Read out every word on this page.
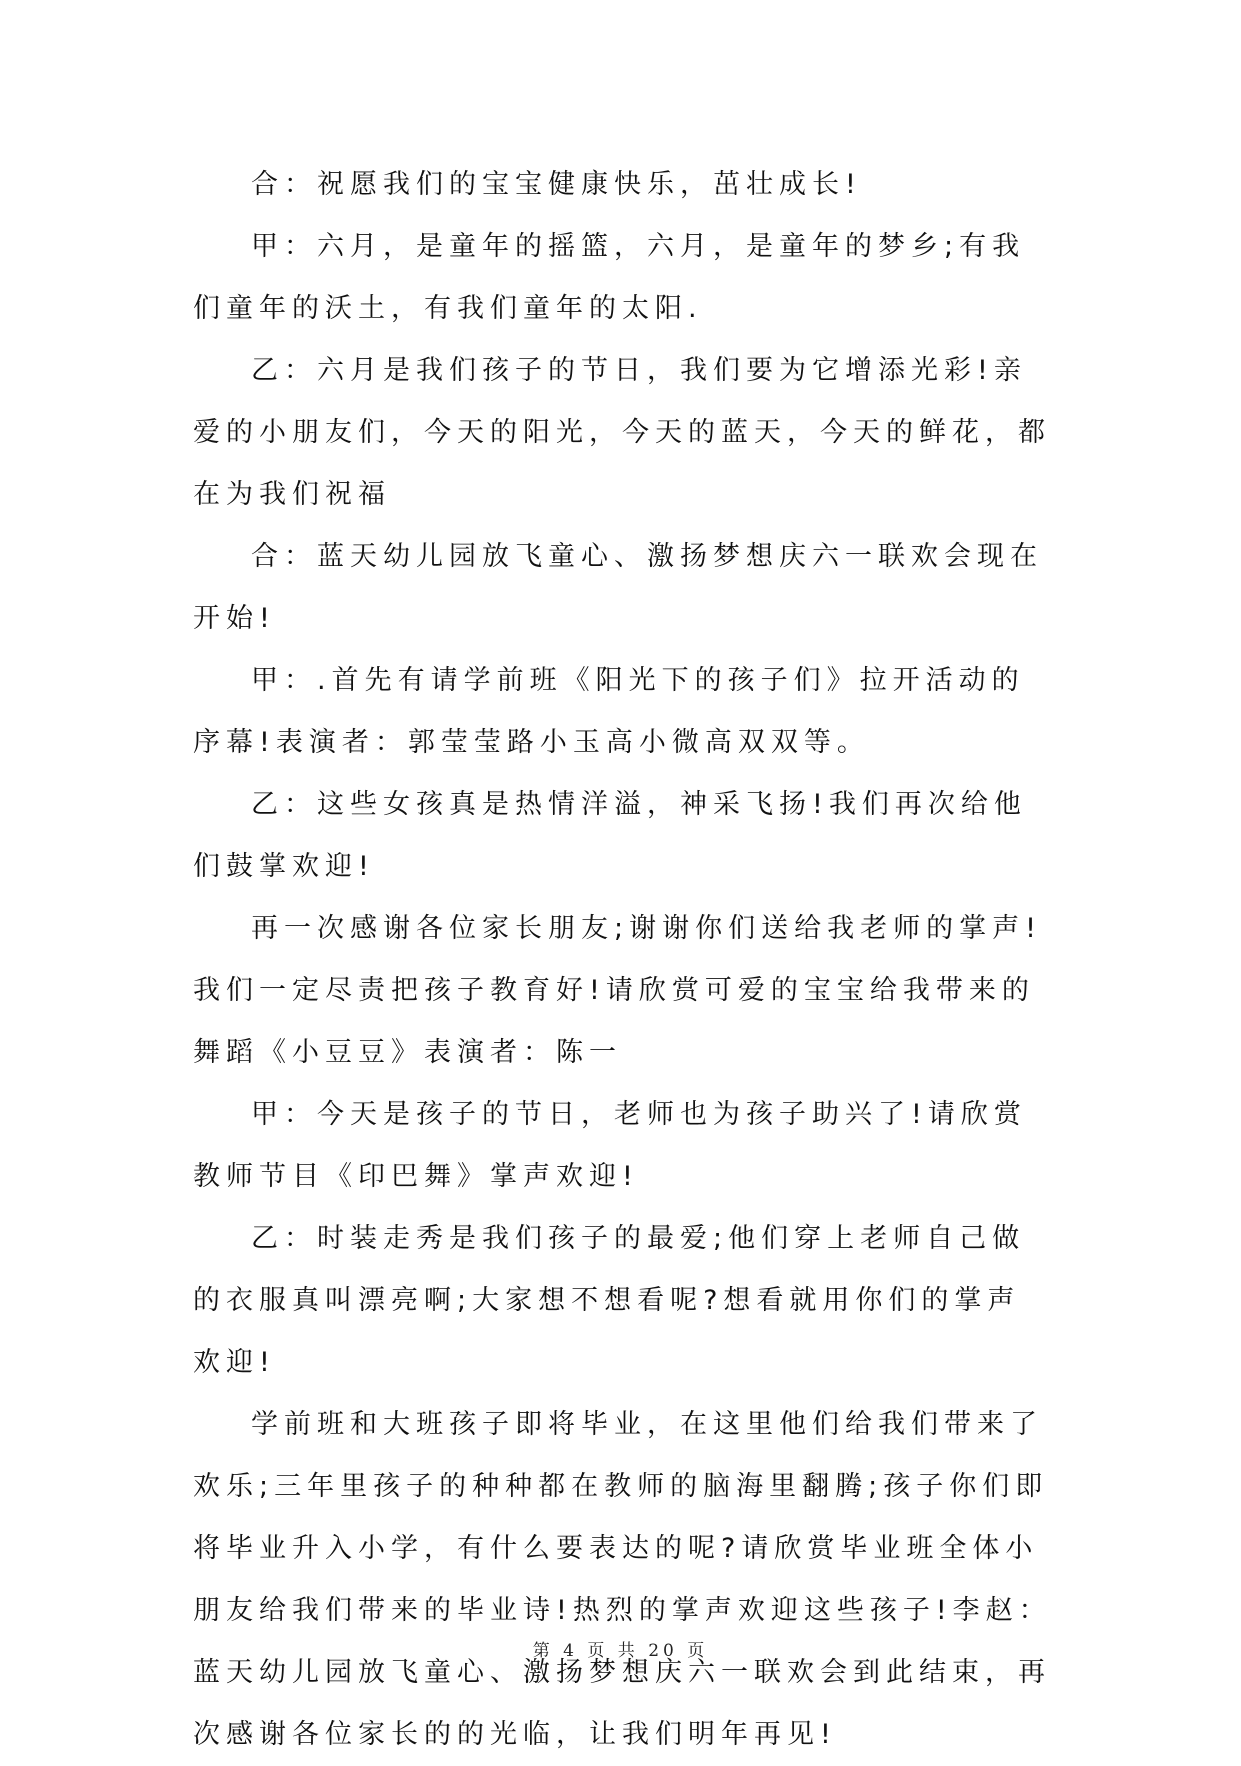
合：祝愿我们的宝宝健康快乐，茁壮成长!

甲：六月，是童年的摇篮，六月，是童年的梦乡;有我们童年的沃土，有我们童年的太阳.

乙：六月是我们孩子的节日，我们要为它增添光彩!亲爱的小朋友们，今天的阳光，今天的蓝天，今天的鲜花，都在为我们祝福

合：蓝天幼儿园放飞童心、激扬梦想庆六一联欢会现在开始!

甲：.首先有请学前班《阳光下的孩子们》拉开活动的序幕!表演者：郭莹莹路小玉高小微高双双等。

乙：这些女孩真是热情洋溢，神采飞扬!我们再次给他们鼓掌欢迎!

再一次感谢各位家长朋友;谢谢你们送给我老师的掌声!我们一定尽责把孩子教育好!请欣赏可爱的宝宝给我带来的舞蹈《小豆豆》表演者：陈一

甲：今天是孩子的节日，老师也为孩子助兴了!请欣赏教师节目《印巴舞》掌声欢迎!

乙：时装走秀是我们孩子的最爱;他们穿上老师自己做的衣服真叫漂亮啊;大家想不想看呢?想看就用你们的掌声欢迎!

学前班和大班孩子即将毕业，在这里他们给我们带来了欢乐;三年里孩子的种种都在教师的脑海里翻腾;孩子你们即将毕业升入小学，有什么要表达的呢?请欣赏毕业班全体小朋友给我们带来的毕业诗!热烈的掌声欢迎这些孩子!李赵：蓝天幼儿园放飞童心、激扬梦想庆六一联欢会到此结束，再次感谢各位家长的的光临，让我们明年再见!

第 4 页 共 20 页
